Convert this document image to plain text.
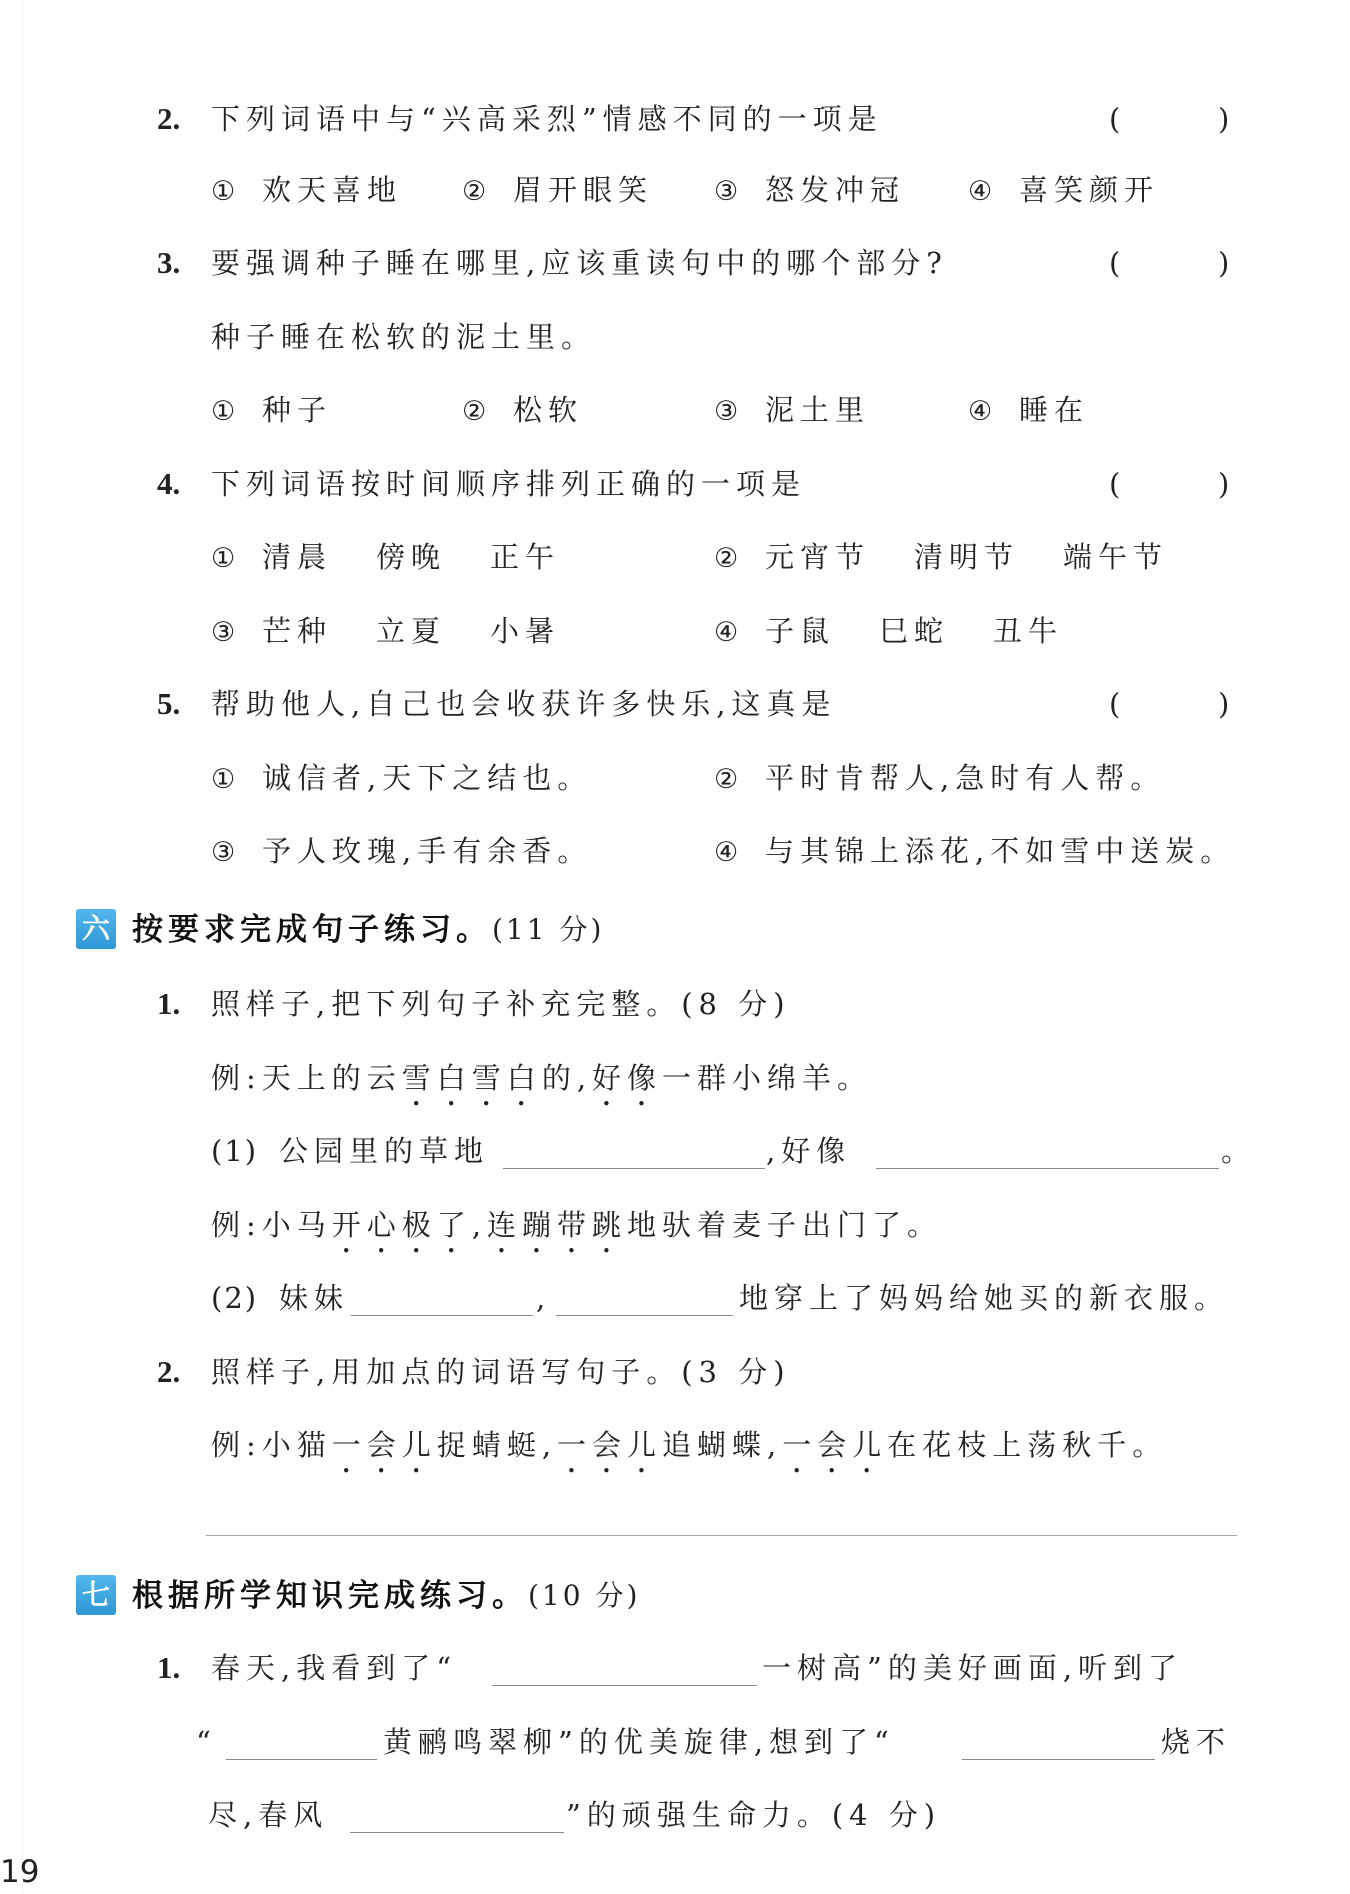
2. 下列词语中与“兴高采烈”情感不同的一项是	(	)
① 欢天喜地 ② 眉开眼笑 ③ 怒发冲冠 ④ 喜笑颜开
3. 要强调种子睡在哪里,应该重读句中的哪个部分?	(	)
种子睡在松软的泥土里。
① 种子	② 松软	③ 泥土里	④ 睡在
4. 下列词语按时间顺序排列正确的一项是	(	)
① 清晨 傍晚 正午	② 元宵节 清明节 端午节
③ 芒种 立夏 小暑	④ 子鼠 巳蛇 丑牛
5. 帮助他人,自己也会收获许多快乐,这真是	(	)
① 诚信者,天下之结也。	② 平时肯帮人,急时有人帮。
③ 予人玫瑰,手有余香。	④ 与其锦上添花,不如雪中送炭。
六 按要求完成句子练习。 (11 分)
1. 照样子,把下列句子补充完整。(8 分)
例:天上的云雪白雪白的,好像一群小绵羊。
(1) 公园里的草地	,好像	。
例:小马开心极了,连蹦带跳地驮着麦子出门了。
(2) 妹妹	,	地穿上了妈妈给她买的新衣服。
2. 照样子,用加点的词语写句子。(3 分)
例:小猫一会儿捉蜻蜓,一会儿追蝴蝶,一会儿在花枝上荡秋千。
七 根据所学知识完成练习。 (10 分)
1. 春天,我看到了“	一树高”的美好画面,听到了
“	黄鹂鸣翠柳”的优美旋律,想到了“	烧不
尽,春风	”的顽强生命力。(4 分)
19
